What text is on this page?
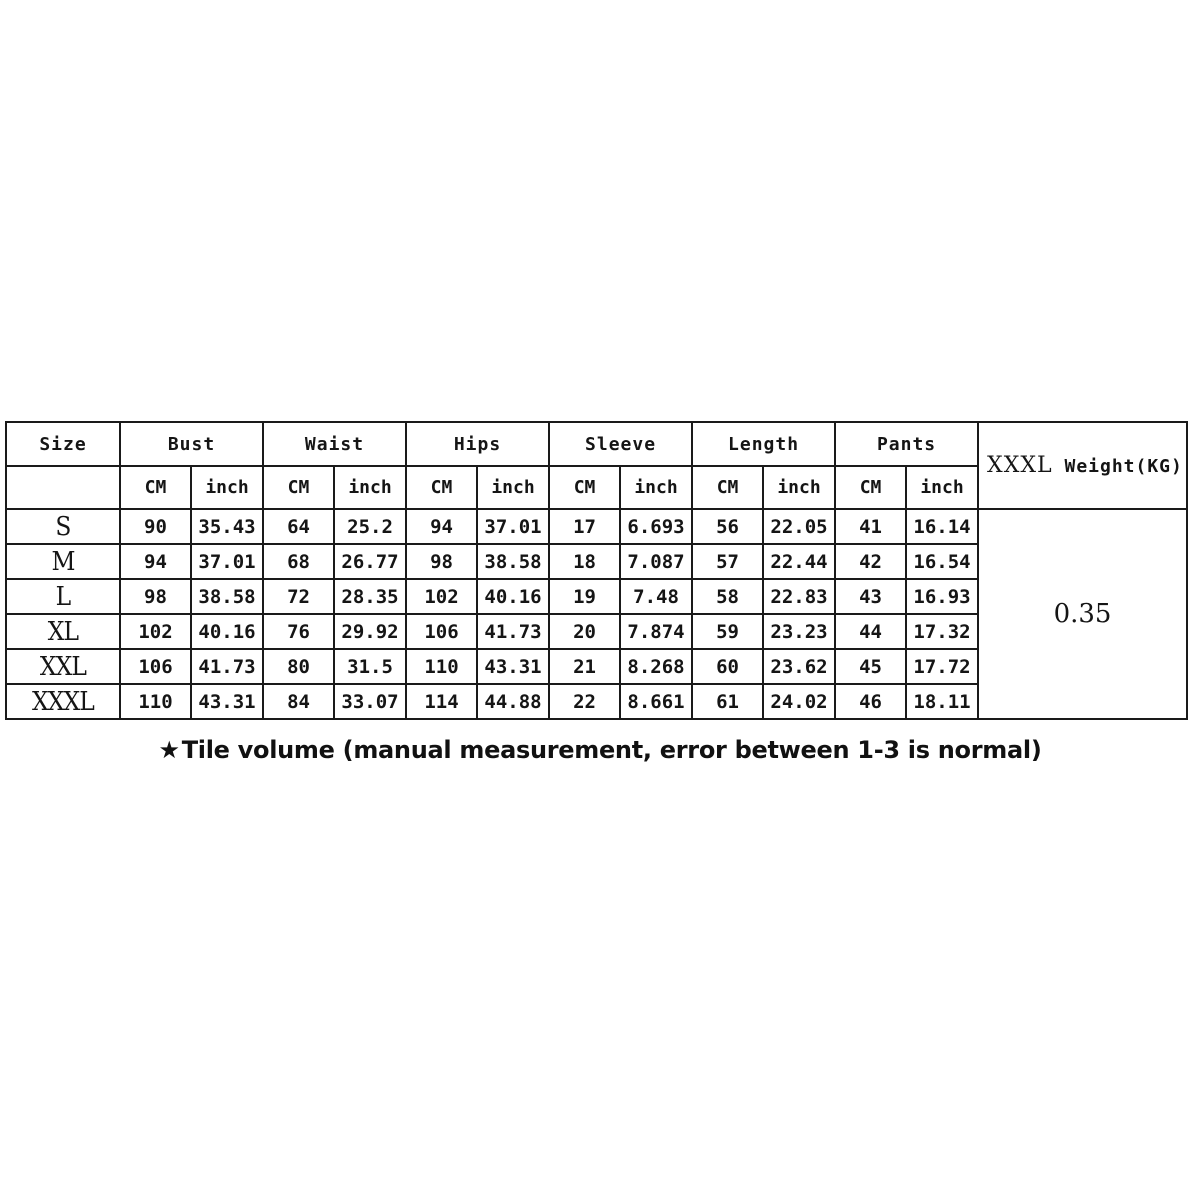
Size	Bust		Waist		Hips		Sleeve		Length		Pants		XXXL Weight(KG)
	CM	inch	CM	inch	CM	inch	CM	inch	CM	inch	CM	inch	
S	90	35.43	64	25.2	94	37.01	17	6.693	56	22.05	41	16.14	0.35
M	94	37.01	68	26.77	98	38.58	18	7.087	57	22.44	42	16.54	
L	98	38.58	72	28.35	102	40.16	19	7.48	58	22.83	43	16.93	
XL	102	40.16	76	29.92	106	41.73	20	7.874	59	23.23	44	17.32	
XXL	106	41.73	80	31.5	110	43.31	21	8.268	60	23.62	45	17.72	
XXXL	110	43.31	84	33.07	114	44.88	22	8.661	61	24.02	46	18.11	
★Tile volume (manual measurement, error between 1-3 is normal)
